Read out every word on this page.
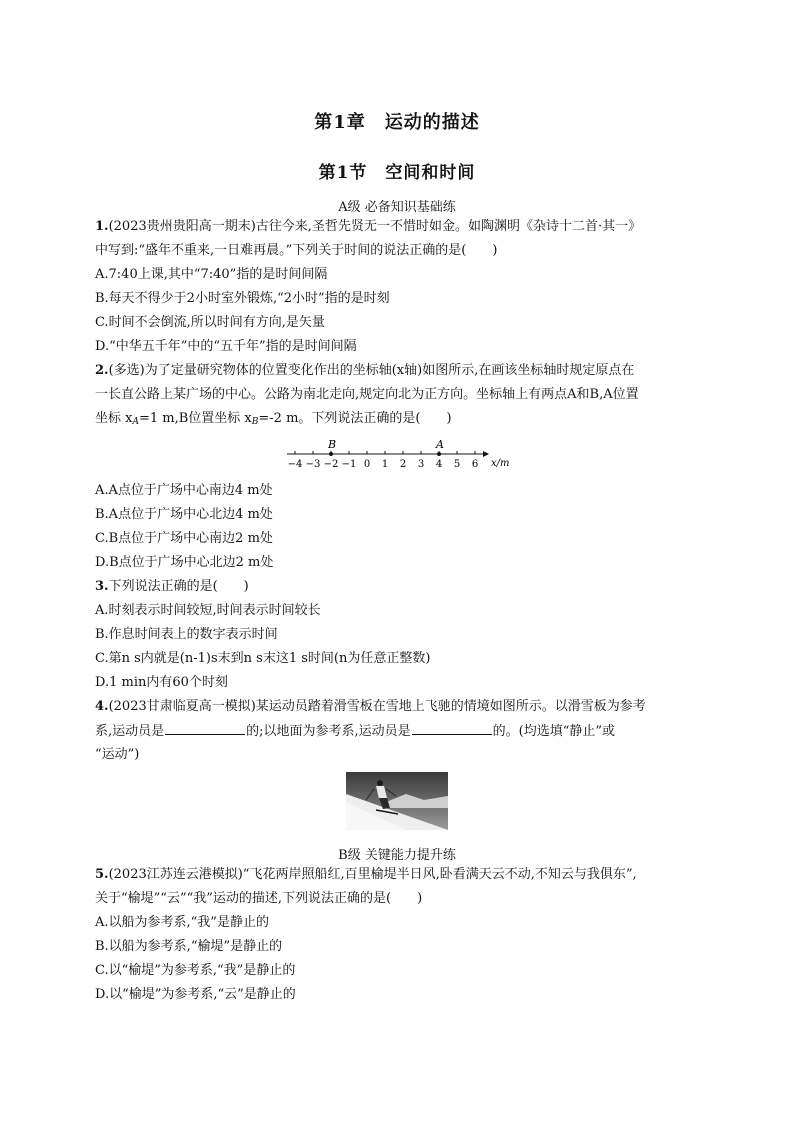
第1章　运动的描述
第1节　空间和时间
A级 必备知识基础练
1.(2023贵州贵阳高一期末)古往今来,圣哲先贤无一不惜时如金。如陶渊明《杂诗十二首·其一》
中写到:“盛年不重来,一日难再晨。”下列关于时间的说法正确的是(　　)
A.7:40上课,其中“7:40”指的是时间间隔
B.每天不得少于2小时室外锻炼,“2小时”指的是时刻
C.时间不会倒流,所以时间有方向,是矢量
D.“中华五千年”中的“五千年”指的是时间间隔
2.(多选)为了定量研究物体的位置变化作出的坐标轴(x轴)如图所示,在画该坐标轴时规定原点在
一长直公路上某广场的中心。公路为南北走向,规定向北为正方向。坐标轴上有两点A和B,A位置
坐标 $x_A=1$ m,B位置坐标 $x_B=-2$ m。下列说法正确的是(　　)
−4 −3 −2 −1 0 1 2 3 4 5 6
B	A
x/m
A.A点位于广场中心南边4 m处
B.A点位于广场中心北边4 m处
C.B点位于广场中心南边2 m处
D.B点位于广场中心北边2 m处
3.下列说法正确的是(　　)
A.时刻表示时间较短,时间表示时间较长
B.作息时间表上的数字表示时间
C.第n s内就是(n-1)s末到n s末这1 s时间(n为任意正整数)
D.1 min内有60个时刻
4.(2023甘肃临夏高一模拟)某运动员踏着滑雪板在雪地上飞驰的情境如图所示。以滑雪板为参考
系,运动员是	的;以地面为参考系,运动员是	的。(均选填“静止”或
“运动”)
B级 关键能力提升练
5.(2023江苏连云港模拟)“飞花两岸照船红,百里榆堤半日风,卧看满天云不动,不知云与我俱东”,
关于“榆堤”“云”“我”运动的描述,下列说法正确的是(　　)
A.以船为参考系,“我”是静止的
B.以船为参考系,“榆堤”是静止的
C.以“榆堤”为参考系,“我”是静止的
D.以“榆堤”为参考系,“云”是静止的
